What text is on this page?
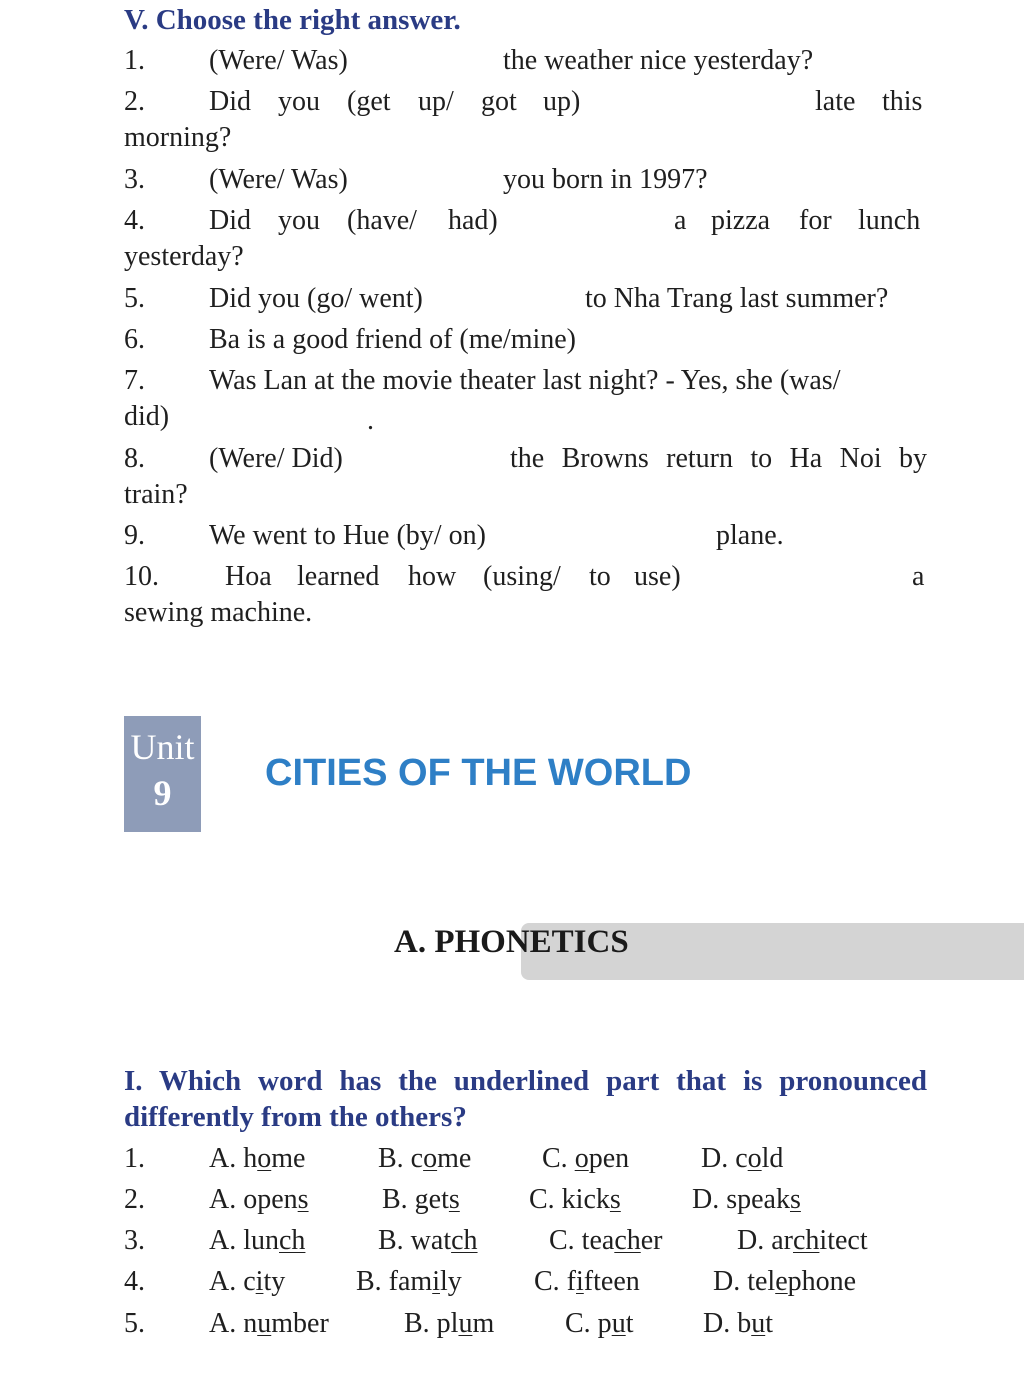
V. Choose the right answer.
1. (Were/ Was)	the weather nice yesterday?
2. Did you (get up/ got up)	late this
morning?
3. (Were/ Was)	you born in 1997?
4. Did you (have/ had)	a pizza for lunch
yesterday?
5. Did you (go/ went)	to Nha Trang last summer?
6. Ba is a good friend of (me/mine)
7. Was Lan at the movie theater last night? - Yes, she (was/
did)	.
8. (Were/ Did)	the Browns return to Ha Noi by
train?
9. We went to Hue (by/ on)	plane.
10. Hoa learned how (using/ to use)	a
sewing machine.
Unit
9	CITIES OF THE WORLD
A. PHONETICS
I. Which word has the underlined part that is pronounced
differently from the others?
1. A. home	B. come	C. open	D. cold
2. A. opens	B. gets C. kicks	D. speaks
3. A. lunch	B. watch	C. teacher	D. architect
4. A. city	B. family	C. fifteen	D. telephone
5. A. number	B. plum	C. put D. but
